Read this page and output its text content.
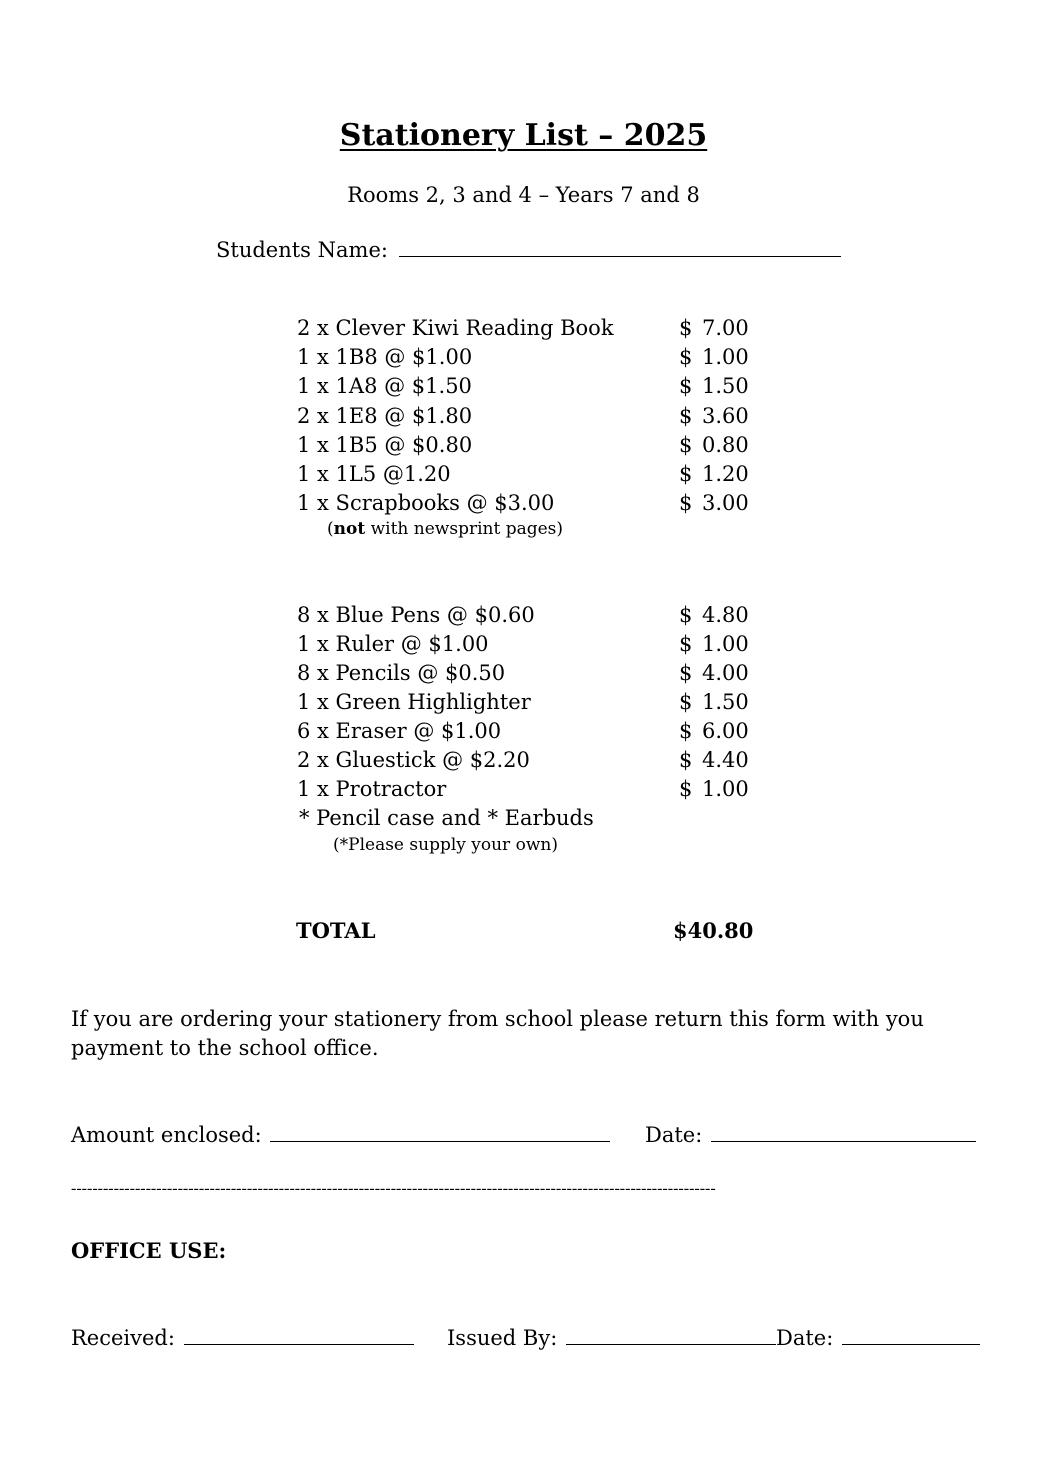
Stationery List – 2025
Rooms 2, 3 and 4 – Years 7 and 8
Students Name:
2 x Clever Kiwi Reading Book	$ 7.00
1 x 1B8 @ $1.00	$ 1.00
1 x 1A8 @ $1.50	$ 1.50
2 x 1E8 @ $1.80	$ 3.60
1 x 1B5 @ $0.80	$ 0.80
1 x 1L5 @1.20	$ 1.20
1 x Scrapbooks @ $3.00	$ 3.00
(not with newsprint pages)
8 x Blue Pens @ $0.60	$ 4.80
1 x Ruler @ $1.00	$ 1.00
8 x Pencils @ $0.50	$ 4.00
1 x Green Highlighter	$ 1.50
6 x Eraser @ $1.00	$ 6.00
2 x Gluestick @ $2.20	$ 4.40
1 x Protractor	$ 1.00
* Pencil case and * Earbuds
(*Please supply your own)
TOTAL	$40.80
If you are ordering your stationery from school please return this form with you payment to the school office.
Amount enclosed:	Date:
-------------------------------------------------------------------------------------------------------------------------
OFFICE USE:
Received:	Issued By:	Date:
